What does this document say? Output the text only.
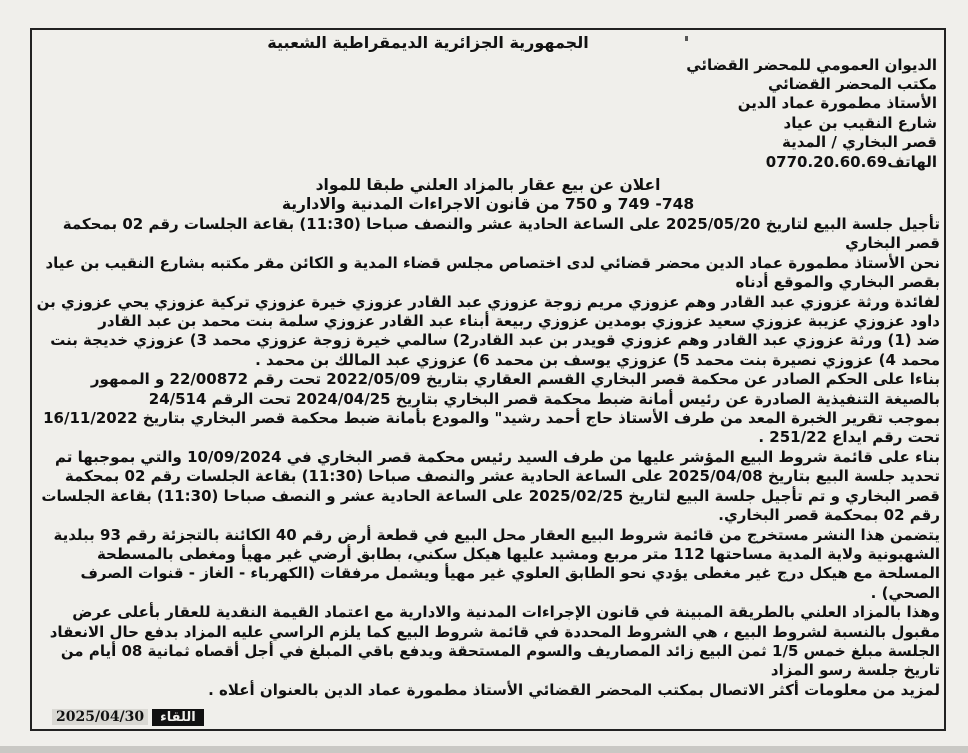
الجمهورية الجزائرية الديمقراطية الشعبية
الديوان العمومي للمحضر القضائي
مكتب المحضر القضائي
الأستاذ مطمورة عماد الدين
شارع النقيب بن عياد
قصر البخاري / المدية
الهاتف0770.20.60.69
اعلان عن بيع عقار بالمزاد العلني طبقا للمواد
748- 749 و 750 من قانون الاجراءات المدنية والادارية

تأجيل جلسة البيع لتاريخ 2025/05/20 على الساعة الحادية عشر والنصف صباحا (11:30) بقاعة الجلسات رقم 02 بمحكمة قصر البخاري

نحن الأستاذ مطمورة عماد الدين محضر قضائي لدى اختصاص مجلس قضاء المدية و الكائن مقر مكتبه بشارع النقيب بن عياد بقصر البخاري والموقع أدناه

لفائدة ورثة عزوزي عبد القادر وهم عزوزي مريم زوجة عزوزي عبد القادر عزوزي خيرة عزوزي تركية عزوزي يحي عزوزي بن داود عزوزي عزيبة عزوزي سعيد عزوزي بومدين عزوزي ربيعة أبناء عبد القادر عزوزي سلمة بنت محمد بن عبد القادر

ضد (1) ورثة عزوزي عبد القادر وهم عزوزي قويدر بن عبد القادر2) سالمي خيرة زوجة عزوزي محمد 3) عزوزي خديجة بنت محمد 4) عزوزي نصيرة بنت محمد 5) عزوزي يوسف بن محمد 6) عزوزي عبد المالك بن محمد .

بناءا على الحكم الصادر عن محكمة قصر البخاري القسم العقاري بتاريخ 2022/05/09 تحت رقم 22/00872 و الممهور بالصيغة التنفيذية الصادرة عن رئيس أمانة ضبط محكمة قصر البخاري بتاريخ 2024/04/25 تحت الرقم 24/514

بموجب تقرير الخبرة المعد من طرف الأستاذ حاج أحمد رشيد" والمودع بأمانة ضبط محكمة قصر البخاري بتاريخ 16/11/2022 تحت رقم ايداع 251/22 .

بناء على قائمة شروط البيع المؤشر عليها من طرف السيد رئيس محكمة قصر البخاري في 10/09/2024 والتي بموجبها تم تحديد جلسة البيع بتاريخ 2025/04/08 على الساعة الحادية عشر والنصف صباحا (11:30) بقاعة الجلسات رقم 02 بمحكمة قصر البخاري و تم تأجيل جلسة البيع لتاريخ 2025/02/25 على الساعة الحادية عشر و النصف صباحا (11:30) بقاعة الجلسات رقم 02 بمحكمة قصر البخاري.

يتضمن هذا النشر مستخرج من قائمة شروط البيع العقار محل البيع في قطعة أرض رقم 40 الكائنة بالتجزئة رقم 93 ببلدية الشهبونية ولاية المدية مساحتها 112 متر مربع ومشيد عليها هيكل سكني، بطابق أرضي غير مهيأ ومغطى بالمسطحة المسلحة مع هيكل درج غير مغطى يؤدي نحو الطابق العلوي غير مهيأ ويشمل مرفقات (الكهرباء - الغاز - قنوات الصرف الصحي) .

وهذا بالمزاد العلني بالطريقة المبينة في قانون الإجراءات المدنية والادارية مع اعتماد القيمة النقدية للعقار بأعلى عرض مقبول بالنسبة لشروط البيع ، هي الشروط المحددة في قائمة شروط البيع كما يلزم الراسي عليه المزاد بدفع حال الانعقاد الجلسة مبلغ خمس 1/5 ثمن البيع زائد المصاريف والسوم المستحقة ويدفع باقي المبلغ في أجل أقصاه ثمانية 08 أيام من تاريخ جلسة رسو المزاد

لمزيد من معلومات أكثر الاتصال بمكتب المحضر القضائي الأستاذ مطمورة عماد الدين بالعنوان أعلاه .

2025/04/30	اللقاء
